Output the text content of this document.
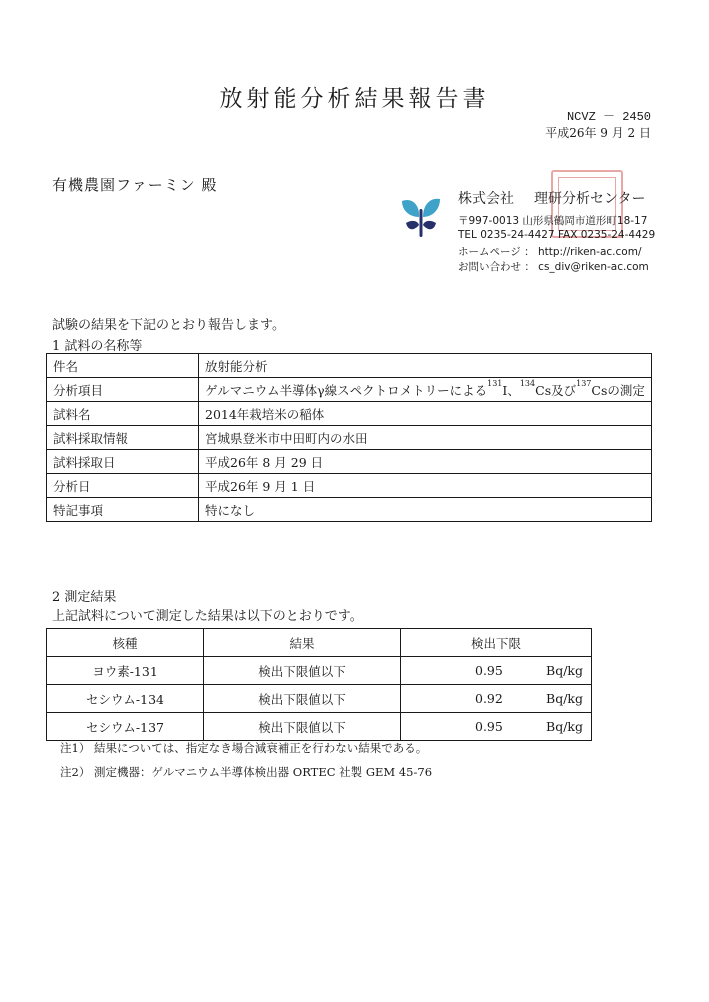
放射能分析結果報告書
NCVZ － 2450
平成26年 9 月 2 日
有機農園ファーミン 殿
株式会社 理研分析センター
〒997-0013 山形県鶴岡市道形町18-17
TEL 0235-24-4427 FAX 0235-24-4429
ホームページ ： http://riken-ac.com/
お問い合わせ ： cs_div@riken-ac.com
試験の結果を下記のとおり報告します。
1 試料の名称等
件名	放射能分析
分析項目	ゲルマニウム半導体γ線スペクトロメトリーによる$^{131}$I、$^{134}$Cs及び$^{137}$Csの測定
試料名	2014年栽培米の稲体
試料採取情報	宮城県登米市中田町内の水田
試料採取日	平成26年 8 月 29 日
分析日	平成26年 9 月 1 日
特記事項	特になし
2 測定結果
上記試料について測定した結果は以下のとおりです。
核種	結果	検出下限
ヨウ素-131	検出下限値以下	0.95 Bq/kg

セシウム-134	検出下限値以下	0.92 Bq/kg

セシウム-137	検出下限値以下	0.95 Bq/kg
注1） 結果については、指定なき場合減衰補正を行わない結果である。
注2） 測定機器：ゲルマニウム半導体検出器 ORTEC 社製 GEM 45-76
